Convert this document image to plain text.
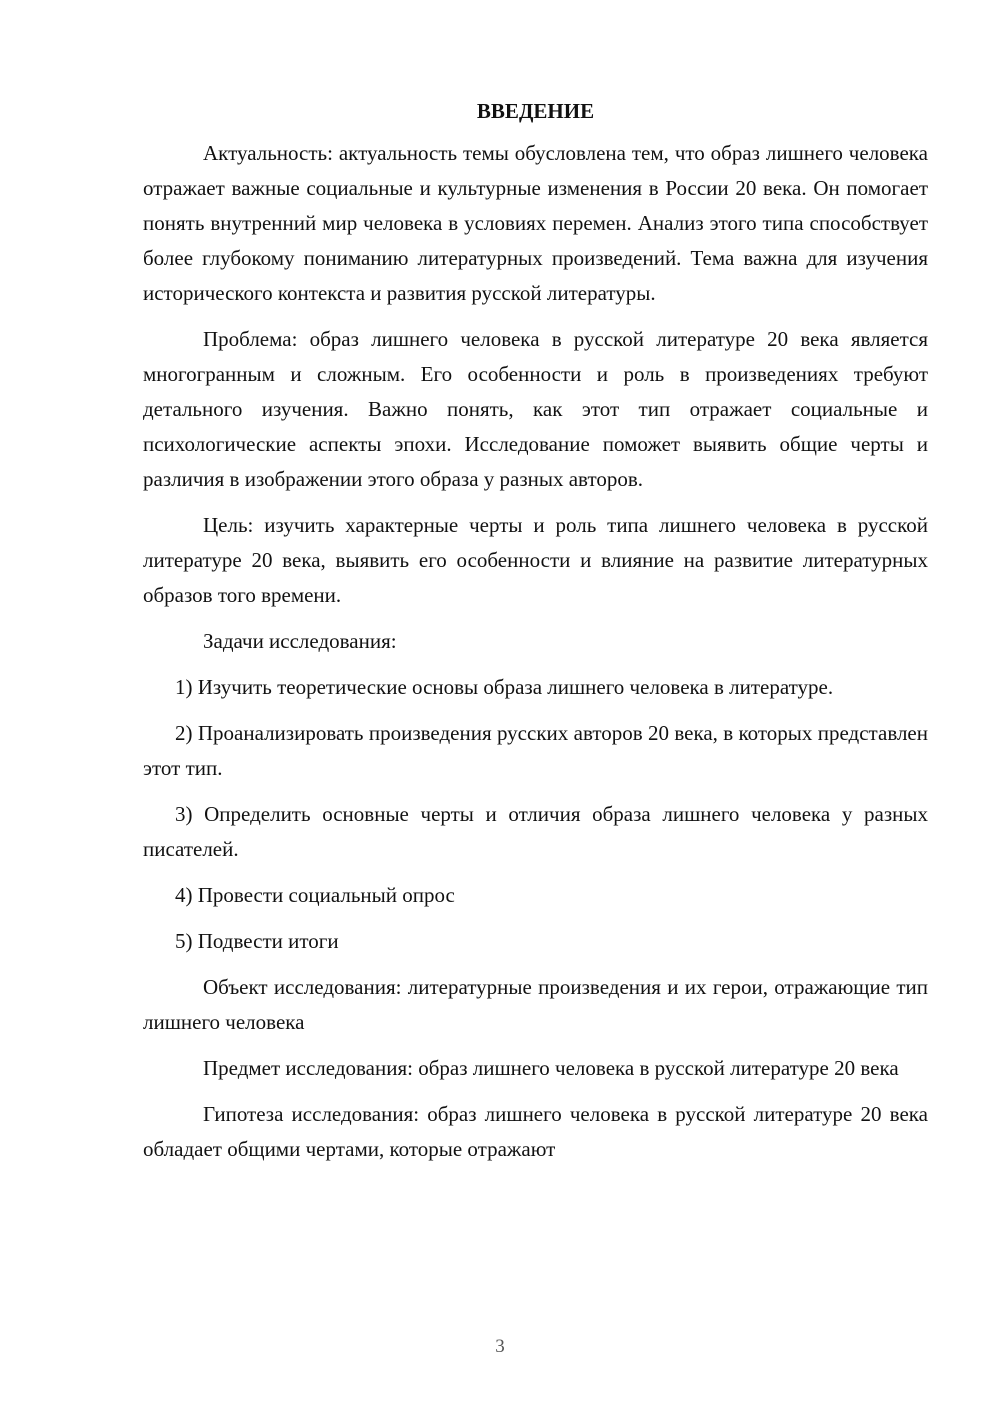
ВВЕДЕНИЕ

Актуальность: актуальность темы обусловлена тем, что образ лишнего человека отражает важные социальные и культурные изменения в России 20 века. Он помогает понять внутренний мир человека в условиях перемен. Анализ этого типа способствует более глубокому пониманию литературных произведений. Тема важна для изучения исторического контекста и развития русской литературы.

Проблема: образ лишнего человека в русской литературе 20 века является многогранным и сложным. Его особенности и роль в произведениях требуют детального изучения. Важно понять, как этот тип отражает социальные и психологические аспекты эпохи. Исследование поможет выявить общие черты и различия в изображении этого образа у разных авторов.

Цель: изучить характерные черты и роль типа лишнего человека в русской литературе 20 века, выявить его особенности и влияние на развитие литературных образов того времени.

Задачи исследования:

1) Изучить теоретические основы образа лишнего человека в литературе.

2) Проанализировать произведения русских авторов 20 века, в которых представлен этот тип.

3) Определить основные черты и отличия образа лишнего человека у разных писателей.

4) Провести социальный опрос

5) Подвести итоги

Объект исследования: литературные произведения и их герои, отражающие тип лишнего человека

Предмет исследования: образ лишнего человека в русской литературе 20 века

Гипотеза исследования: образ лишнего человека в русской литературе 20 века обладает общими чертами, которые отражают

3
